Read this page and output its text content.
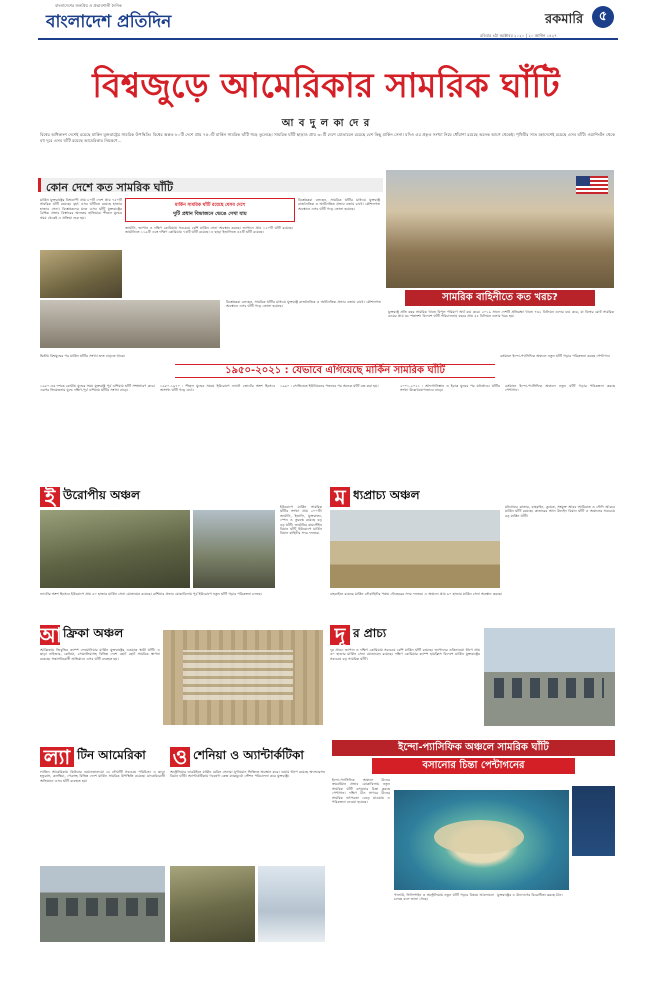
বাংলাদেশের জনপ্রিয় ও প্রভাবশালী দৈনিক
বাংলাদেশ প্রতিদিন	রকমারি ৫
রবিবার ৪ঠা অক্টোবর ২০২০ | ২০ আশ্বিন ১৪২৭
বিশ্বজুড়ে আমেরিকার সামরিক ঘাঁটি
আ ব দু ল কা দে র
বিশ্বের অধিকাংশ দেশেই রয়েছে মার্কিন যুক্তরাষ্ট্রের সামরিক উপস্থিতি। বিশ্বের অন্তত ৮০টি দেশে প্রায় ৭৫০টি মার্কিন সামরিক ঘাঁটি গড়ে তুলেছে। সামরিক ঘাঁটি ছাড়াও প্রায় ৩০টি দেশে মোতায়েন রয়েছে বেশ কিছু মার্কিন সেনা। যদিও এর প্রকৃত সংখ্যা নিয়ে ধোঁয়াশা রয়েছে অনেক আগে থেকেই। পৃথিবীর সাত মহাদেশেই রয়েছে এসব ঘাঁটি। ওয়াশিংটন থেকে বহু দূরে এসব ঘাঁটি রয়েছে আমেরিকার নিয়ন্ত্রণে...
কোন দেশে কত সামরিক ঘাঁটি
মার্কিন যুক্তরাষ্ট্রের বিশ্বব্যাপী প্রায় ৮০টি দেশে প্রায় ৭৫০টি সামরিক ঘাঁটি রয়েছে। বৃহৎ এসব ঘাঁটিতে রয়েছে হাজার হাজার সেনা। বিশ্লেষকদের মতে এসব ঘাঁটি যুক্তরাষ্ট্রের বৈশ্বিক প্রভাব বিস্তারের অন্যতম হাতিয়ার। শীতল যুদ্ধের সময় থেকেই এ প্রক্রিয়া শুরু হয়।
মার্কিন সামরিক ঘাঁটি রয়েছে যেসব দেশে
দুটি প্রধান বিভাজনে ভেঙে দেখা যায়
জার্মানি, জাপান ও দক্ষিণ কোরিয়ায় সবচেয়ে বেশি মার্কিন সেনা অবস্থান করছে। জাপানে প্রায় ১২০টি ঘাঁটি রয়েছে। জার্মানিতে ১১৯টি এবং দক্ষিণ কোরিয়ায় ৭৩টি ঘাঁটি রয়েছে। এ ছাড়া ইতালিতে ৪৪টি ঘাঁটি রয়েছে।
বিশ্লেষকরা বলছেন, সামরিক ঘাঁটির মাধ্যমে যুক্তরাষ্ট্র রাজনৈতিক ও অর্থনৈতিক প্রভাব বজায় রাখে। কৌশলগত অবস্থানে এসব ঘাঁটি গড়ে তোলা হয়েছে।
বিশ্লেষকরা বলছেন, সামরিক ঘাঁটির মাধ্যমে যুক্তরাষ্ট্র রাজনৈতিক ও অর্থনৈতিক প্রভাব বজায় রাখে। কৌশলগত অবস্থানে এসব ঘাঁটি গড়ে তোলা হয়েছে।
সামরিক বাহিনীতে কত খরচ?
যুক্তরাষ্ট্র প্রতি বছর সামরিক খাতে বিপুল পরিমাণ অর্থ ব্যয় করে। ২০১৯ সালে দেশটি প্রতিরক্ষা খাতে ৭৩২ বিলিয়ন ডলার ব্যয় করে, যা বিশ্বের মোট সামরিক ব্যয়ের প্রায় ৩৮ শতাংশ। বিদেশে ঘাঁটি পরিচালনায় বছরে প্রায় ৫৫ বিলিয়ন ডলার খরচ হয়।
দ্বিতীয় বিশ্বযুদ্ধের পর মার্কিন ঘাঁটির সংখ্যা দ্রুত বাড়তে থাকে।	বর্তমানে ইন্দো-প্যাসিফিক অঞ্চলে নতুন ঘাঁটি গড়ার পরিকল্পনা করছে পেন্টাগন।
১৯৫০-২০২১ : যেভাবে এগিয়েছে মার্কিন সামরিক ঘাঁটি
১৯৫০-এর দশকে কোরীয় যুদ্ধের সময় যুক্তরাষ্ট্র পূর্ব এশিয়ায় ঘাঁটি সম্প্রসারণ করে। এরপর ভিয়েতনাম যুদ্ধে দক্ষিণ-পূর্ব এশিয়ায় ঘাঁটির সংখ্যা বাড়ে।
১৯৫০-১৯৭০ : শীতল যুদ্ধের সময়ে ইউরোপে ন্যাটো জোটের অংশ হিসেবে অসংখ্য ঘাঁটি গড়ে ওঠে।
১৯৯০ : সোভিয়েত ইউনিয়নের পতনের পর অনেক ঘাঁটি বন্ধ করা হয়।	২০০১-২০২১ : আফগানিস্তান ও ইরাক যুদ্ধের পর মধ্যপ্রাচ্যে ঘাঁটির সংখ্যা উল্লেখযোগ্যভাবে বাড়ে।
বর্তমানে ইন্দো-প্যাসিফিক অঞ্চলে নতুন ঘাঁটি গড়ার পরিকল্পনা করছে পেন্টাগন।
ই উরোপীয় অঞ্চল
ইউরোপে মার্কিন সামরিক ঘাঁটির সংখ্যা প্রায় ২০০টি। জার্মানি, ইতালি, যুক্তরাজ্য, স্পেন ও তুরস্কে রয়েছে বড় বড় ঘাঁটি। জার্মানির রামস্টেইন বিমান ঘাঁটি ইউরোপে মার্কিন বিমান বাহিনীর সদর দফতর।
ন্যাটোর অংশ হিসেবে ইউরোপে প্রায় ৬০ হাজার মার্কিন সেনা মোতায়েন রয়েছে। রাশিয়ার প্রভাব মোকাবিলায় পূর্ব ইউরোপে নতুন ঘাঁটি গড়ার পরিকল্পনা চলছে।
ম ধ্যপ্রাচ্য অঞ্চল
মধ্যপ্রাচ্যে কাতার, বাহরাইন, কুয়েত, সংযুক্ত আরব আমিরাত ও সৌদি আরবে মার্কিন ঘাঁটি রয়েছে। কাতারের আল উদেইদ বিমান ঘাঁটি এ অঞ্চলের সবচেয়ে বড় মার্কিন ঘাঁটি।
বাহরাইনে রয়েছে মার্কিন নৌবাহিনীর পঞ্চম নৌবহরের সদর দফতর। এ অঞ্চলে প্রায় ৬০ হাজার মার্কিন সেনা অবস্থান করছে।
আ ফ্রিকা অঞ্চল
আফ্রিকায় জিবুতির ক্যাম্প লেমোনিয়ার মার্কিন যুক্তরাষ্ট্রের একমাত্র স্থায়ী ঘাঁটি। এ ছাড়া নাইজার, কেনিয়া, সোমালিয়াসহ বিভিন্ন দেশে ছোট ছোট সামরিক স্থাপনা রয়েছে। সন্ত্রাসবিরোধী অভিযানে এসব ঘাঁটি ব্যবহৃত হয়।
দূ র প্রাচ্য
দূর প্রাচ্যে জাপান ও দক্ষিণ কোরিয়ায় সবচেয়ে বেশি মার্কিন ঘাঁটি রয়েছে। জাপানের ওকিনাওয়া দ্বীপে প্রায় ৩০ হাজার মার্কিন সেনা মোতায়েন রয়েছে। দক্ষিণ কোরিয়ার ক্যাম্প হামফ্রিস বিদেশে মার্কিন যুক্তরাষ্ট্রের সবচেয়ে বড় সামরিক ঘাঁটি।
ল্যা টিন আমেরিকা
লাতিন আমেরিকায় কিউবার গুয়ানতানামো বে নৌঘাঁটি সবচেয়ে পরিচিত। এ ছাড়া হন্ডুরাস, কলম্বিয়া, পেরুসহ বিভিন্ন দেশে মার্কিন সামরিক উপস্থিতি রয়েছে। মাদকবিরোধী অভিযানে এসব ঘাঁটি ব্যবহৃত হয়।
ও শেনিয়া ও অ্যান্টার্কটিকা
অস্ট্রেলিয়ার ডারউইনে মার্কিন মেরিন সেনারা ঘূর্ণায়মান ভিত্তিতে অবস্থান করে। গুয়াম দ্বীপে রয়েছে অ্যান্ডারসন বিমান ঘাঁটি। অ্যান্টার্কটিকায় গবেষণা কেন্দ্র ম্যাকমুর্ডো স্টেশন পরিচালনা করে যুক্তরাষ্ট্র।
ইন্দো-প্যাসিফিক অঞ্চলে সামরিক ঘাঁটি
বসানোর চিন্তা পেন্টাগনের
ইন্দো-প্যাসিফিক অঞ্চলে চীনের ক্রমবর্ধমান প্রভাব মোকাবিলায় নতুন সামরিক ঘাঁটি বসানোর চিন্তা করছে পেন্টাগন। দক্ষিণ চীন সাগরে চীনের সামরিক তৎপরতা বেড়ে যাওয়ায় এ পরিকল্পনা নেওয়া হয়েছে।
পালাউ, ফিলিপাইন ও অস্ট্রেলিয়ায় নতুন ঘাঁটি গড়ার বিষয়ে আলোচনা চলছে বলে জানা গেছে।
যুক্তরাষ্ট্রের এ উদ্যোগের বিরোধিতা করছে চীন।
